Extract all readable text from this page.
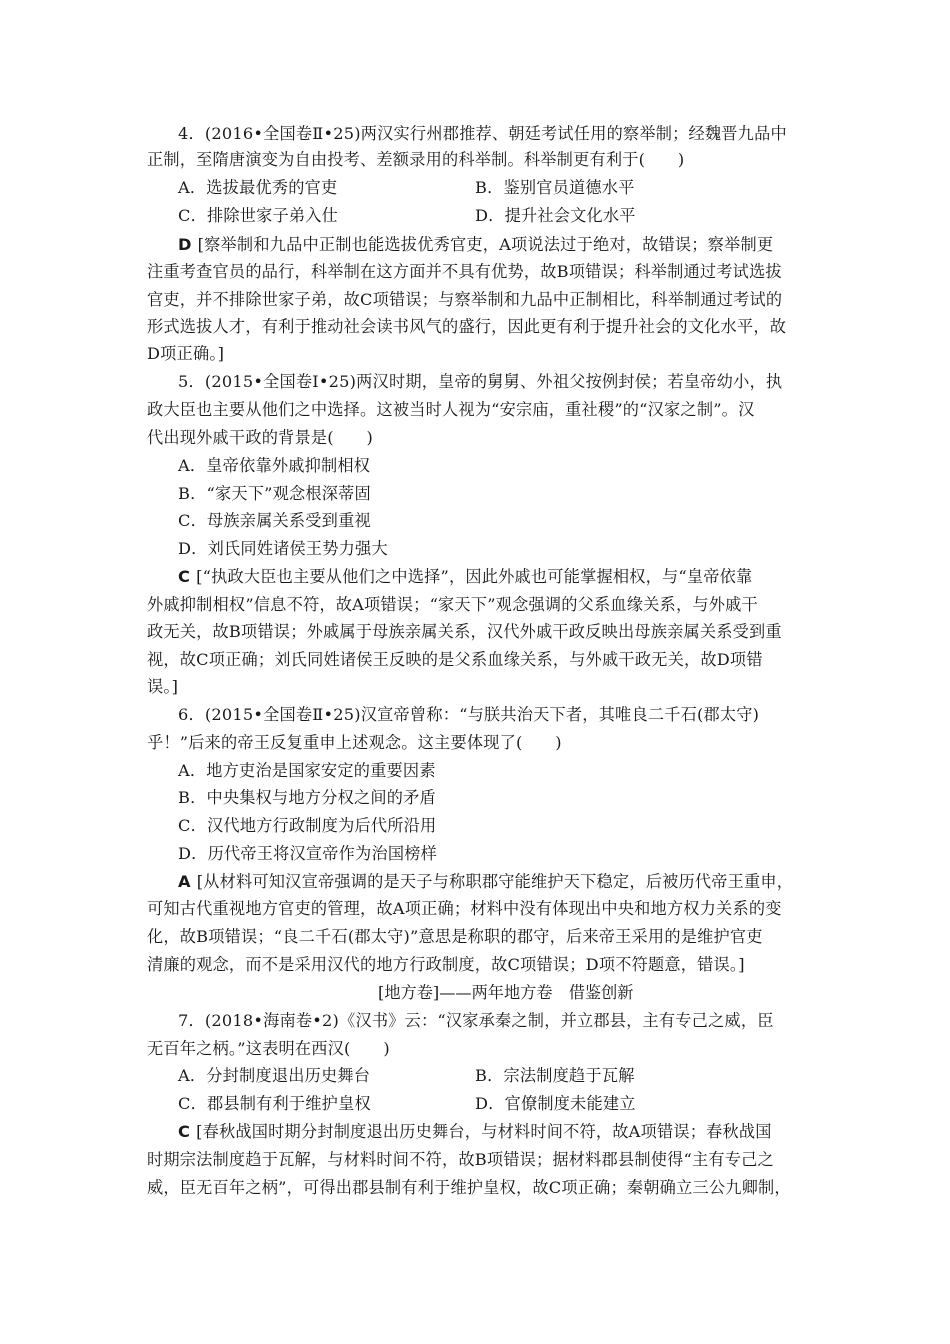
4．(2016•全国卷Ⅱ•25)两汉实行州郡推荐、朝廷考试任用的察举制；经魏晋九品中
正制，至隋唐演变为自由投考、差额录用的科举制。科举制更有利于(　　)
A．选拔最优秀的官吏	B．鉴别官员道德水平
C．排除世家子弟入仕	D．提升社会文化水平
D [察举制和九品中正制也能选拔优秀官吏，A项说法过于绝对，故错误；察举制更
注重考查官员的品行，科举制在这方面并不具有优势，故B项错误；科举制通过考试选拔
官吏，并不排除世家子弟，故C项错误；与察举制和九品中正制相比，科举制通过考试的
形式选拔人才，有利于推动社会读书风气的盛行，因此更有利于提升社会的文化水平，故
D项正确。]
5．(2015•全国卷Ⅰ•25)两汉时期，皇帝的舅舅、外祖父按例封侯；若皇帝幼小，执
政大臣也主要从他们之中选择。这被当时人视为“安宗庙，重社稷”的“汉家之制”。汉
代出现外戚干政的背景是(　　)
A．皇帝依靠外戚抑制相权
B．“家天下”观念根深蒂固
C．母族亲属关系受到重视
D．刘氏同姓诸侯王势力强大
C [“执政大臣也主要从他们之中选择”，因此外戚也可能掌握相权，与“皇帝依靠
外戚抑制相权”信息不符，故A项错误；“家天下”观念强调的父系血缘关系，与外戚干
政无关，故B项错误；外戚属于母族亲属关系，汉代外戚干政反映出母族亲属关系受到重
视，故C项正确；刘氏同姓诸侯王反映的是父系血缘关系，与外戚干政无关，故D项错
误。]
6．(2015•全国卷Ⅱ•25)汉宣帝曾称：“与朕共治天下者，其唯良二千石(郡太守)
乎！”后来的帝王反复重申上述观念。这主要体现了(　　)
A．地方吏治是国家安定的重要因素
B．中央集权与地方分权之间的矛盾
C．汉代地方行政制度为后代所沿用
D．历代帝王将汉宣帝作为治国榜样
A [从材料可知汉宣帝强调的是天子与称职郡守能维护天下稳定，后被历代帝王重申，
可知古代重视地方官吏的管理，故A项正确；材料中没有体现出中央和地方权力关系的变
化，故B项错误；“良二千石(郡太守)”意思是称职的郡守，后来帝王采用的是维护官吏
清廉的观念，而不是采用汉代的地方行政制度，故C项错误；D项不符题意，错误。]
[地方卷]——两年地方卷　借鉴创新
7．(2018•海南卷•2)《汉书》云：“汉家承秦之制，并立郡县，主有专己之威，臣
无百年之柄。”这表明在西汉(　　)
A．分封制度退出历史舞台	B．宗法制度趋于瓦解
C．郡县制有利于维护皇权	D．官僚制度未能建立
C [春秋战国时期分封制度退出历史舞台，与材料时间不符，故A项错误；春秋战国
时期宗法制度趋于瓦解，与材料时间不符，故B项错误；据材料郡县制使得“主有专己之
威，臣无百年之柄”，可得出郡县制有利于维护皇权，故C项正确；秦朝确立三公九卿制，
